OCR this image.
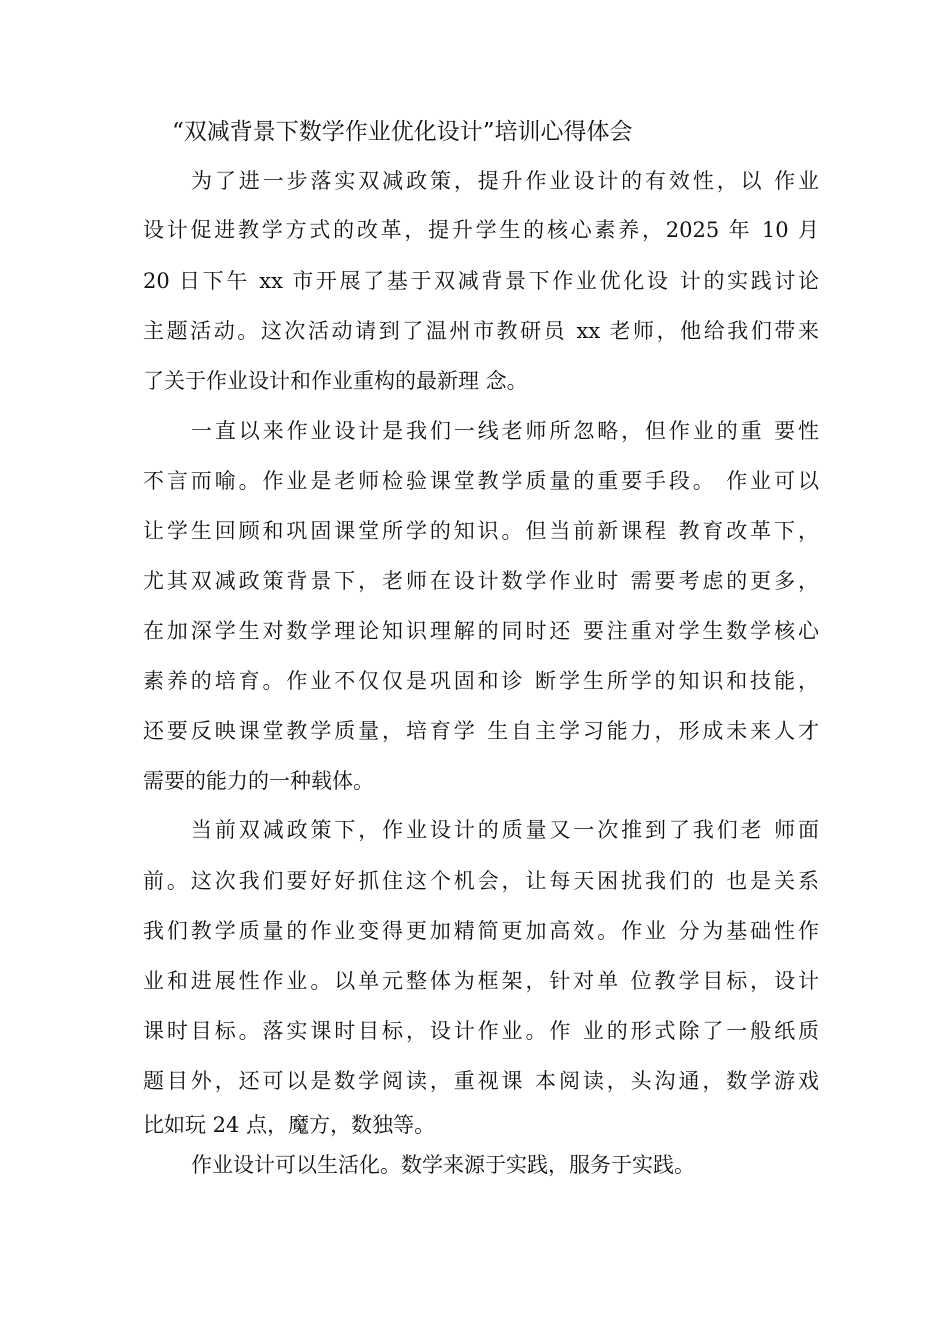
“双减背景下数学作业优化设计”培训心得体会
为了进一步落实双减政策，提升作业设计的有效性，以 作业
设计促进教学方式的改革，提升学生的核心素养，2025 年 10 月
20 日下午 xx 市开展了基于双减背景下作业优化设 计的实践讨论
主题活动。这次活动请到了温州市教研员 xx 老师，他给我们带来
了关于作业设计和作业重构的最新理 念。
一直以来作业设计是我们一线老师所忽略，但作业的重 要性
不言而喻。作业是老师检验课堂教学质量的重要手段。 作业可以
让学生回顾和巩固课堂所学的知识。但当前新课程 教育改革下，
尤其双减政策背景下，老师在设计数学作业时 需要考虑的更多，
在加深学生对数学理论知识理解的同时还 要注重对学生数学核心
素养的培育。作业不仅仅是巩固和诊 断学生所学的知识和技能，
还要反映课堂教学质量，培育学 生自主学习能力，形成未来人才
需要的能力的一种载体。
当前双减政策下，作业设计的质量又一次推到了我们老 师面
前。这次我们要好好抓住这个机会，让每天困扰我们的 也是关系
我们教学质量的作业变得更加精简更加高效。作业 分为基础性作
业和进展性作业。以单元整体为框架，针对单 位教学目标，设计
课时目标。落实课时目标，设计作业。作 业的形式除了一般纸质
题目外，还可以是数学阅读，重视课 本阅读，头沟通，数学游戏
比如玩 24 点，魔方，数独等。
作业设计可以生活化。数学来源于实践，服务于实践。
